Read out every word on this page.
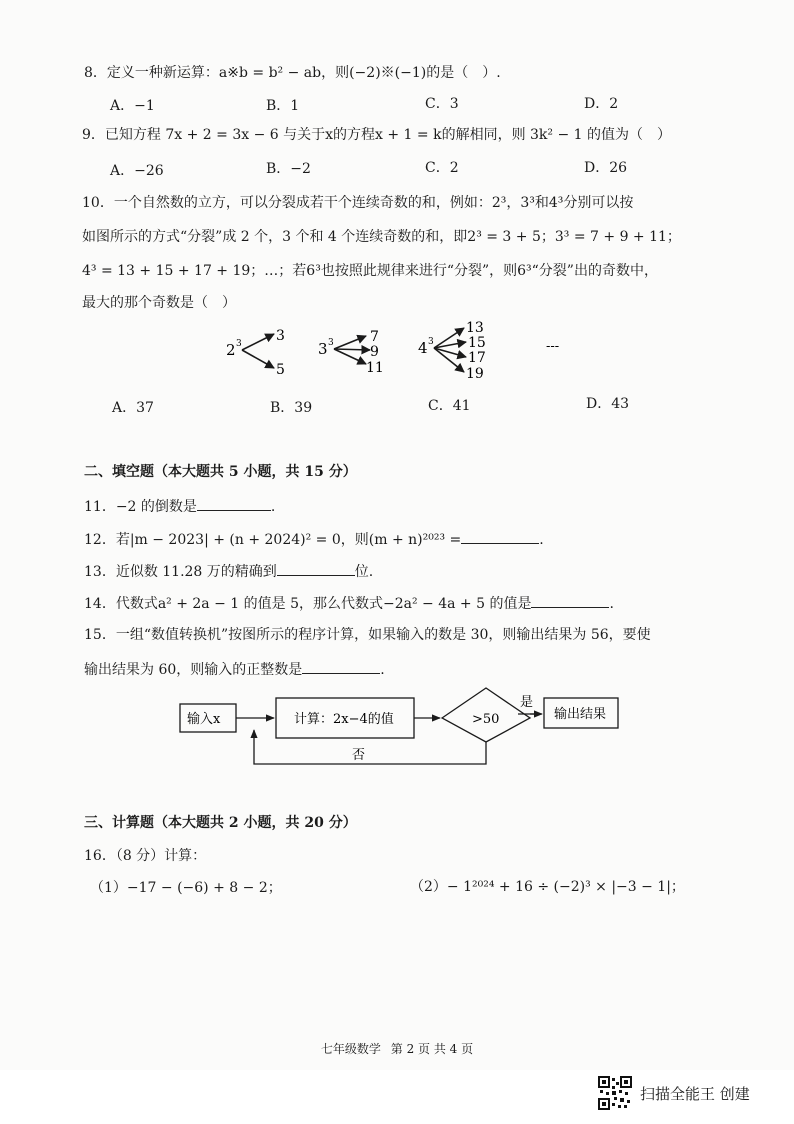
8．定义一种新运算：a※b = b² − ab，则(−2)※(−1)的是（　）.
A．−1	B．1	C．3	D．2
9．已知方程 7x + 2 = 3x − 6 与关于x的方程x + 1 = k的解相同，则 3k² − 1 的值为（　）
A．−26	B．−2	C．2	D．26
10．一个自然数的立方，可以分裂成若干个连续奇数的和，例如：2³，3³和4³分别可以按
如图所示的方式“分裂”成 2 个，3 个和 4 个连续奇数的和，即2³ = 3 + 5；3³ = 7 + 9 + 11；
4³ = 13 + 15 + 17 + 19；…；若6³也按照此规律来进行“分裂”，则6³“分裂”出的奇数中，
最大的那个奇数是（　）
2 3 3
5
3 3	7
9
11
4 3
13
15
17
19
---
A．37	B．39	C．41	D．43
二、填空题（本大题共 5 小题，共 15 分）
11．−2 的倒数是	.
12．若|m − 2023| + (n + 2024)² = 0，则(m + n)²⁰²³ =	.
13．近似数 11.28 万的精确到	位.
14．代数式a² + 2a − 1 的值是 5，那么代数式−2a² − 4a + 5 的值是	.
15．一组“数值转换机”按图所示的程序计算，如果输入的数是 30，则输出结果为 56，要使
输出结果为 60，则输入的正整数是	.
输入x	计算：2x−4的值	>50
是
输出结果
否
三、计算题（本大题共 2 小题，共 20 分）
16．（8 分）计算：
（1）−17 − (−6) + 8 − 2；	（2）− 1²⁰²⁴ + 16 ÷ (−2)³ × |−3 − 1|；
七年级数学 第 2 页 共 4 页
扫描全能王 创建
